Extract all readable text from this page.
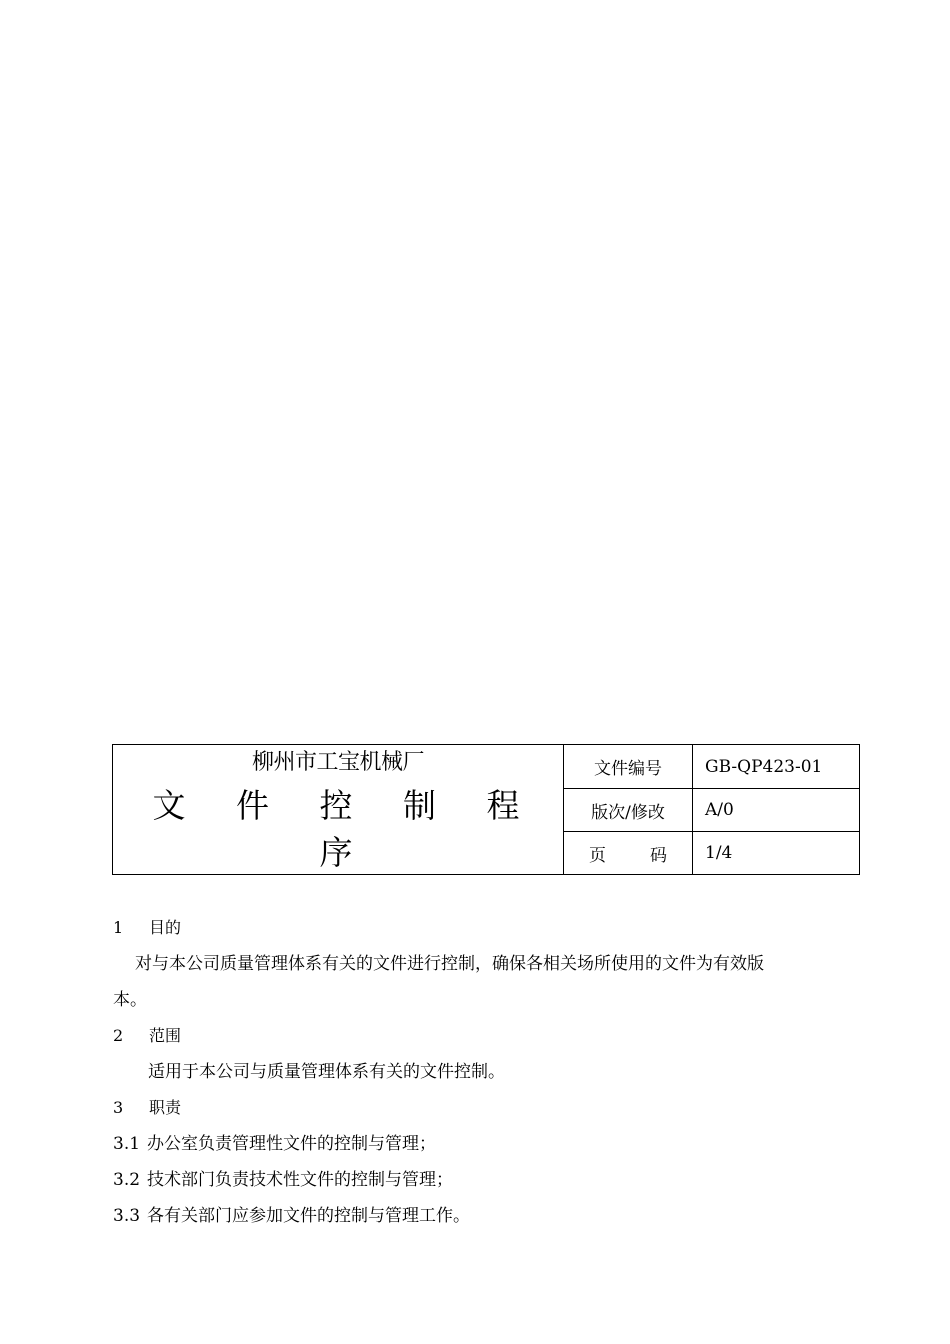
柳州市工宝机械厂
文 件 控 制 程 序	文件编号	GB-QP423-01
	版次/修改	A/0
	页 码	1/4
1 目的
对与本公司质量管理体系有关的文件进行控制，确保各相关场所使用的文件为有效版
本。
2 范围
适用于本公司与质量管理体系有关的文件控制。
3 职责
3.1 办公室负责管理性文件的控制与管理；
3.2 技术部门负责技术性文件的控制与管理；
3.3 各有关部门应参加文件的控制与管理工作。
